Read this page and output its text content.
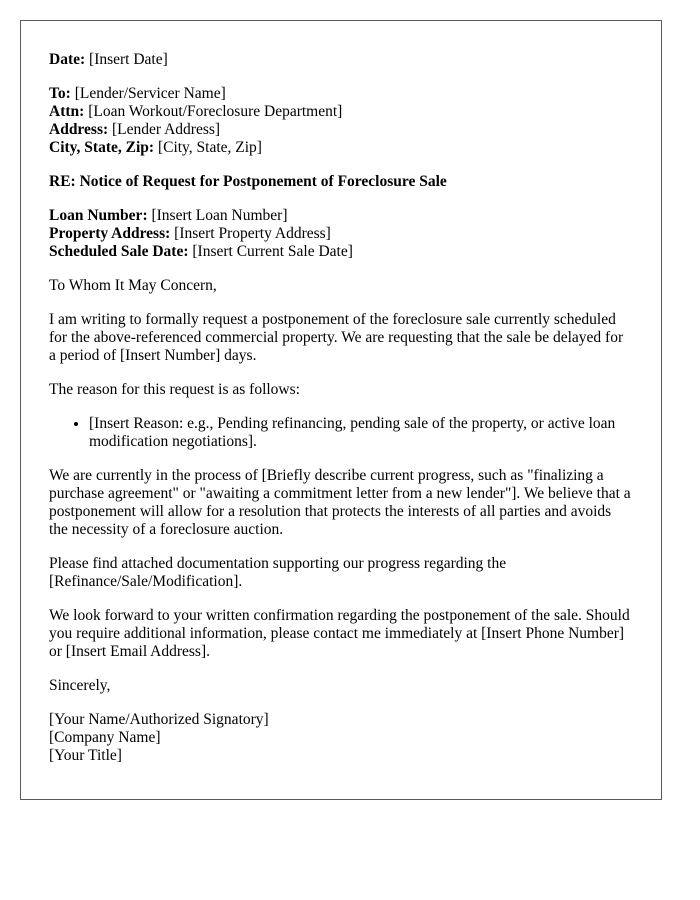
Date: [Insert Date]

To: [Lender/Servicer Name]
Attn: [Loan Workout/Foreclosure Department]
Address: [Lender Address]
City, State, Zip: [City, State, Zip]

RE: Notice of Request for Postponement of Foreclosure Sale

Loan Number: [Insert Loan Number]
Property Address: [Insert Property Address]
Scheduled Sale Date: [Insert Current Sale Date]

To Whom It May Concern,

I am writing to formally request a postponement of the foreclosure sale currently scheduled for the above-referenced commercial property. We are requesting that the sale be delayed for a period of [Insert Number] days.

The reason for this request is as follows:

• [Insert Reason: e.g., Pending refinancing, pending sale of the property, or active loan modification negotiations].

We are currently in the process of [Briefly describe current progress, such as "finalizing a purchase agreement" or "awaiting a commitment letter from a new lender"]. We believe that a postponement will allow for a resolution that protects the interests of all parties and avoids the necessity of a foreclosure auction.

Please find attached documentation supporting our progress regarding the [Refinance/Sale/Modification].

We look forward to your written confirmation regarding the postponement of the sale. Should you require additional information, please contact me immediately at [Insert Phone Number] or [Insert Email Address].

Sincerely,

[Your Name/Authorized Signatory]
[Company Name]
[Your Title]
